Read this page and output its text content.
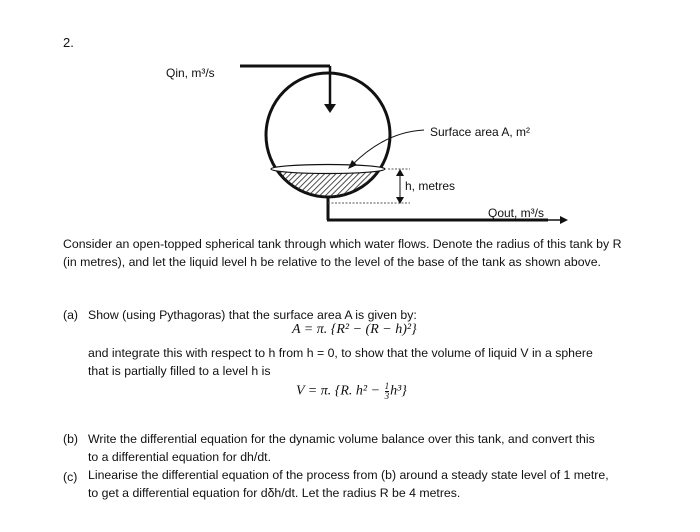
2.
Qin, m³/s
Surface area A, m²
h, metres
Qout, m³/s
Consider an open-topped spherical tank through which water flows. Denote the radius of this tank by R (in metres), and let the liquid level h be relative to the level of the base of the tank as shown above.
(a) Show (using Pythagoras) that the surface area A is given by:
A = π. {R² − (R − h)²}
and integrate this with respect to h from h = 0, to show that the volume of liquid V in a sphere
that is partially filled to a level h is
V = π. {R. $h^2 - \frac{1}{3} h^3$}
(b) Write the differential equation for the dynamic volume balance over this tank, and convert this
to a differential equation for dh/dt.
(c) Linearise the differential equation of the process from (b) around a steady state level of 1 metre,
to get a differential equation for dδh/dt. Let the radius R be 4 metres.
